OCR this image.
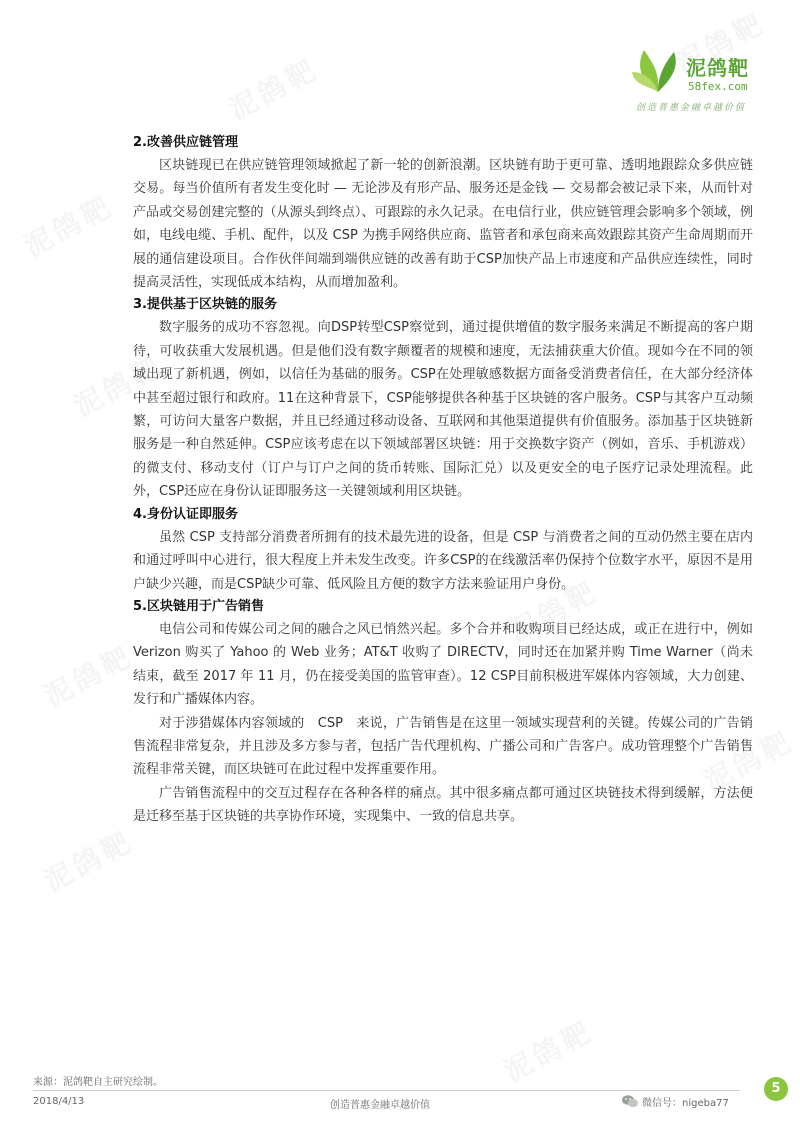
泥鸽靶
58fex.com
创造普惠金融卓越价值
2.改善供应链管理

区块链现已在供应链管理领域掀起了新一轮的创新浪潮。区块链有助于更可靠、透明地跟踪众多供应链交易。每当价值所有者发生变化时 — 无论涉及有形产品、服务还是金钱 — 交易都会被记录下来，从而针对产品或交易创建完整的（从源头到终点）、可跟踪的永久记录。在电信行业，供应链管理会影响多个领域，例如，电线电缆、手机、配件，以及 CSP 为携手网络供应商、监管者和承包商来高效跟踪其资产生命周期而开展的通信建设项目。合作伙伴间端到端供应链的改善有助于CSP加快产品上市速度和产品供应连续性，同时提高灵活性，实现低成本结构，从而增加盈利。

3.提供基于区块链的服务

数字服务的成功不容忽视。向DSP转型CSP察觉到，通过提供增值的数字服务来满足不断提高的客户期待，可收获重大发展机遇。但是他们没有数字颠覆者的规模和速度，无法捕获重大价值。现如今在不同的领域出现了新机遇，例如，以信任为基础的服务。CSP在处理敏感数据方面备受消费者信任，在大部分经济体中甚至超过银行和政府。11在这种背景下，CSP能够提供各种基于区块链的客户服务。CSP与其客户互动频繁，可访问大量客户数据，并且已经通过移动设备、互联网和其他渠道提供有价值服务。添加基于区块链新服务是一种自然延伸。CSP应该考虑在以下领域部署区块链：用于交换数字资产（例如，音乐、手机游戏）的微支付、移动支付（订户与订户之间的货币转账、国际汇兑）以及更安全的电子医疗记录处理流程。此外，CSP还应在身份认证即服务这一关键领域利用区块链。

4.身份认证即服务

虽然 CSP 支持部分消费者所拥有的技术最先进的设备，但是 CSP 与消费者之间的互动仍然主要在店内和通过呼叫中心进行，很大程度上并未发生改变。许多CSP的在线激活率仍保持个位数字水平，原因不是用户缺少兴趣，而是CSP缺少可靠、低风险且方便的数字方法来验证用户身份。

5.区块链用于广告销售

电信公司和传媒公司之间的融合之风已悄然兴起。多个合并和收购项目已经达成，或正在进行中，例如 Verizon 购买了 Yahoo 的 Web 业务；AT&T 收购了 DIRECTV，同时还在加紧并购 Time Warner（尚未结束，截至 2017 年 11 月，仍在接受美国的监管审查）。12 CSP目前积极进军媒体内容领域，大力创建、发行和广播媒体内容。

对于涉猎媒体内容领域的　CSP　来说，广告销售是在这里一领域实现营利的关键。传媒公司的广告销售流程非常复杂，并且涉及多方参与者，包括广告代理机构、广播公司和广告客户。成功管理整个广告销售流程非常关键，而区块链可在此过程中发挥重要作用。

广告销售流程中的交互过程存在各种各样的痛点。其中很多痛点都可通过区块链技术得到缓解，方法便是迁移至基于区块链的共享协作环境，实现集中、一致的信息共享。

来源：泥鸽靶自主研究绘制。
2018/4/13	创造普惠金融卓越价值	微信号：nigeba77
5
